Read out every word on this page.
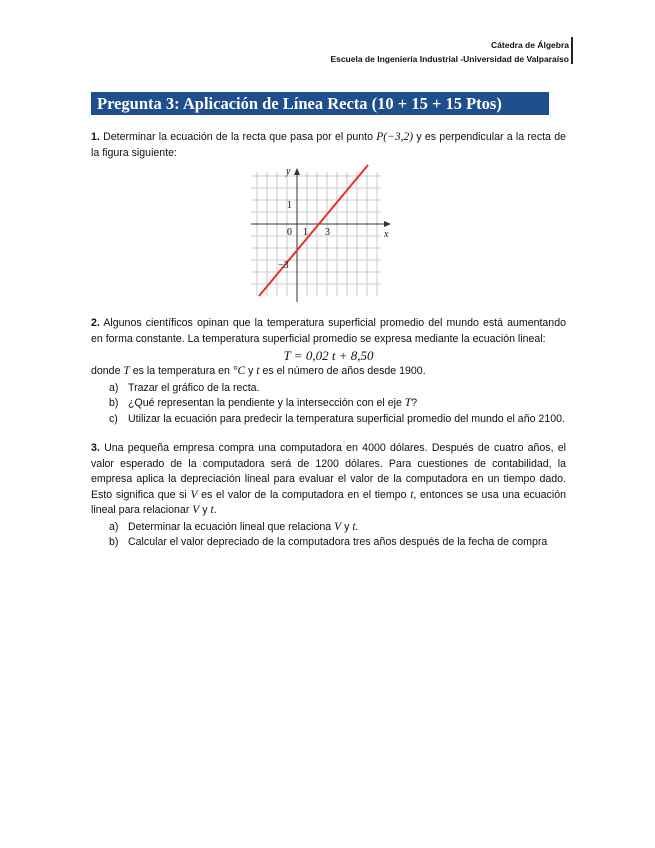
Cátedra de Álgebra
Escuela de Ingeniería Industrial -Universidad de Valparaíso
Pregunta 3: Aplicación de Línea Recta (10 + 15 + 15 Ptos)

1. Determinar la ecuación de la recta que pasa por el punto P(−3,2) y es perpendicular a la recta de la figura siguiente:

y
x
1
0 1 3
−3

2. Algunos científicos opinan que la temperatura superficial promedio del mundo está aumentando en forma constante. La temperatura superficial promedio se expresa mediante la ecuación lineal:

T = 0,02 t + 8,50

donde T es la temperatura en °C y t es el número de años desde 1900.

a) Trazar el gráfico de la recta.
b) ¿Qué representan la pendiente y la intersección con el eje T?
c) Utilizar la ecuación para predecir la temperatura superficial promedio del mundo el año 2100.

3. Una pequeña empresa compra una computadora en 4000 dólares. Después de cuatro años, el valor esperado de la computadora será de 1200 dólares. Para cuestiones de contabilidad, la empresa aplica la depreciación lineal para evaluar el valor de la computadora en un tiempo dado. Esto significa que si V es el valor de la computadora en el tiempo t, entonces se usa una ecuación lineal para relacionar V y t.

a) Determinar la ecuación lineal que relaciona V y t.
b) Calcular el valor depreciado de la computadora tres años después de la fecha de compra
